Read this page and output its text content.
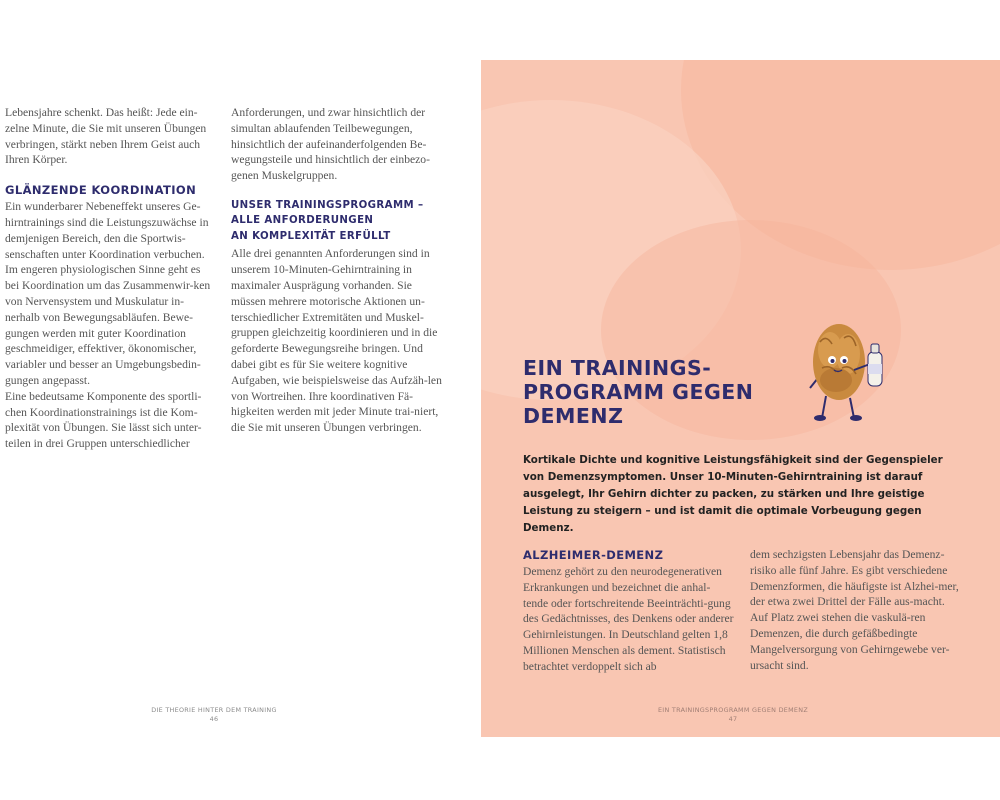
Lebensjahre schenkt. Das heißt: Jede ein-zelne Minute, die Sie mit unseren Übungen verbringen, stärkt neben Ihrem Geist auch Ihren Körper.

GLÄNZENDE KOORDINATION

Ein wunderbarer Nebeneffekt unseres Ge-hirntrainings sind die Leistungszuwächse in demjenigen Bereich, den die Sportwis-senschaften unter Koordination verbuchen. Im engeren physiologischen Sinne geht es bei Koordination um das Zusammenwir-ken von Nervensystem und Muskulatur in-nerhalb von Bewegungsabläufen. Bewe-gungen werden mit guter Koordination geschmeidiger, effektiver, ökonomischer, variabler und besser an Umgebungsbedin-gungen angepasst.

Eine bedeutsame Komponente des sportli-chen Koordinationstrainings ist die Kom-plexität von Übungen. Sie lässt sich unter-teilen in drei Gruppen unterschiedlicher

Anforderungen, und zwar hinsichtlich der simultan ablaufenden Teilbewegungen, hinsichtlich der aufeinanderfolgenden Be-wegungsteile und hinsichtlich der einbezo-genen Muskelgruppen.

UNSER TRAININGSPROGRAMM –
ALLE ANFORDERUNGEN
AN KOMPLEXITÄT ERFÜLLT

Alle drei genannten Anforderungen sind in unserem 10-Minuten-Gehirntraining in maximaler Ausprägung vorhanden. Sie müssen mehrere motorische Aktionen un-terschiedlicher Extremitäten und Muskel-gruppen gleichzeitig koordinieren und in die geforderte Bewegungsreihe bringen. Und dabei gibt es für Sie weitere kognitive Aufgaben, wie beispielsweise das Aufzäh-len von Wortreihen. Ihre koordinativen Fä-higkeiten werden mit jeder Minute trai-niert, die Sie mit unseren Übungen verbringen.

DIE THEORIE HINTER DEM TRAINING
46
EIN TRAININGS-
PROGRAMM GEGEN
DEMENZ
Kortikale Dichte und kognitive Leistungsfähigkeit sind der Gegenspieler von Demenzsymptomen. Unser 10-Minuten-Gehirntraining ist darauf ausgelegt, Ihr Gehirn dichter zu packen, zu stärken und Ihre geistige Leistung zu steigern – und ist damit die optimale Vorbeugung gegen Demenz.
ALZHEIMER-DEMENZ

Demenz gehört zu den neurodegenerativen Erkrankungen und bezeichnet die anhal-tende oder fortschreitende Beeinträchti-gung des Gedächtnisses, des Denkens oder anderer Gehirnleistungen. In Deutschland gelten 1,8 Millionen Menschen als dement. Statistisch betrachtet verdoppelt sich ab

dem sechzigsten Lebensjahr das Demenz-risiko alle fünf Jahre. Es gibt verschiedene Demenzformen, die häufigste ist Alzhei-mer, der etwa zwei Drittel der Fälle aus-macht. Auf Platz zwei stehen die vaskulä-ren Demenzen, die durch gefäßbedingte Mangelversorgung von Gehirngewebe ver-ursacht sind.

EIN TRAININGSPROGRAMM GEGEN DEMENZ
47
